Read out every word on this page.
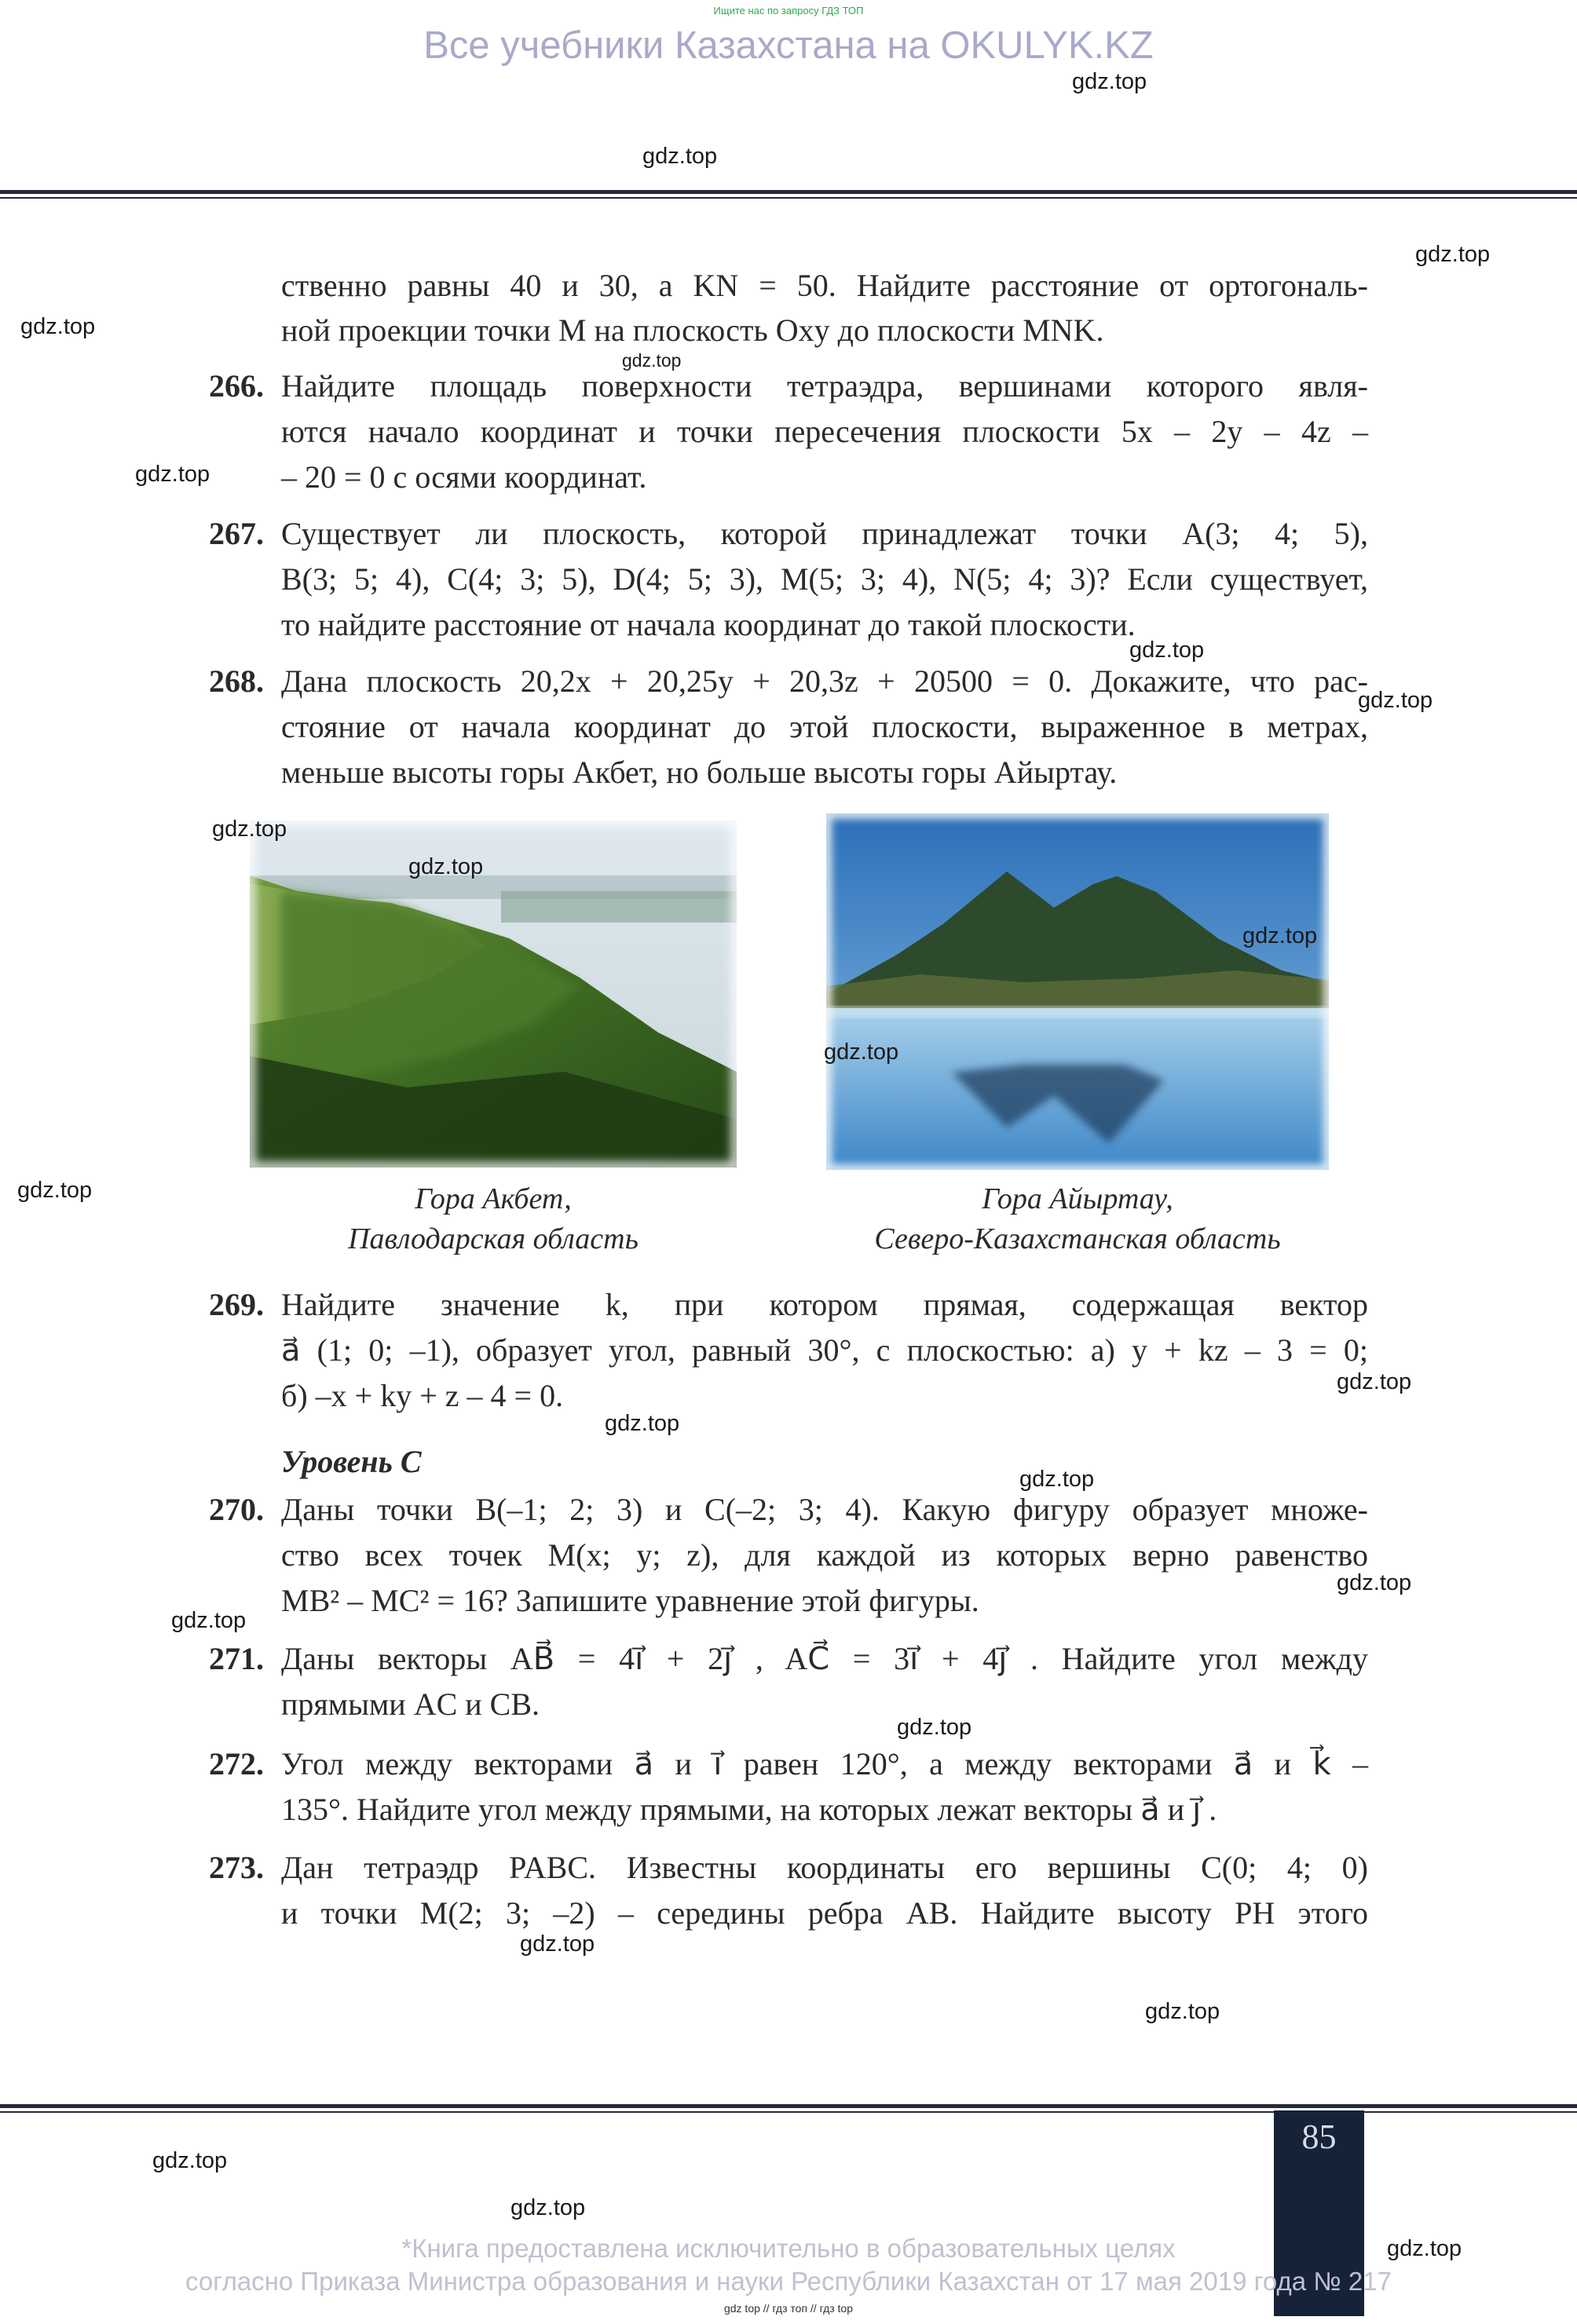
Ищите нас по запросу ГДЗ ТОП
Все учебники Казахстана на OKULYK.KZ
ственно равны 40 и 30, а KN = 50. Найдите расстояние от ортогональ-
ной проекции точки M на плоскость Oxy до плоскости MNK.
266. Найдите площадь поверхности тетраэдра, вершинами которого явля-
ются начало координат и точки пересечения плоскости 5x – 2y – 4z –
– 20 = 0 с осями координат.
267. Существует ли плоскость, которой принадлежат точки A(3; 4; 5),
B(3; 5; 4), C(4; 3; 5), D(4; 5; 3), M(5; 3; 4), N(5; 4; 3)? Если существует,
то найдите расстояние от начала координат до такой плоскости.
268. Дана плоскость 20,2x + 20,25y + 20,3z + 20500 = 0. Докажите, что рас-
стояние от начала координат до этой плоскости, выраженное в метрах,
меньше высоты горы Акбет, но больше высоты горы Айыртау.
Гора Акбет,
Павлодарская область
Гора Айыртау,
Северо-Казахстанская область
269. Найдите значение k, при котором прямая, содержащая вектор
a⃗ (1; 0; –1), образует угол, равный 30°, с плоскостью: а) y + kz – 3 = 0;
б) –x + ky + z – 4 = 0.
Уровень С
270. Даны точки B(–1; 2; 3) и C(–2; 3; 4). Какую фигуру образует множе-
ство всех точек M(x; y; z), для каждой из которых верно равенство
MB² – MC² = 16? Запишите уравнение этой фигуры.
271. Даны векторы AB⃗ = 4i⃗ + 2j⃗ , AC⃗ = 3i⃗ + 4j⃗ . Найдите угол между
прямыми AC и CB.
272. Угол между векторами a⃗ и i⃗ равен 120°, а между векторами a⃗ и k⃗ –
135°. Найдите угол между прямыми, на которых лежат векторы a⃗ и j⃗ .
273. Дан тетраэдр PABC. Известны координаты его вершины C(0; 4; 0)
и точки M(2; 3; –2) – середины ребра AB. Найдите высоту PH этого
85
*Книга предоставлена исключительно в образовательных целях
согласно Приказа Министра образования и науки Республики Казахстан от 17 мая 2019 года № 217
gdz top // гдз топ // гдз top
gdz.top
gdz.top
gdz.top
gdz.top
gdz.top
gdz.top
gdz.top
gdz.top
gdz.top
gdz.top
gdz.top
gdz.top
gdz.top
gdz.top
gdz.top
gdz.top
gdz.top
gdz.top
gdz.top
gdz.top
gdz.top
gdz.top
gdz.top
gdz.top
